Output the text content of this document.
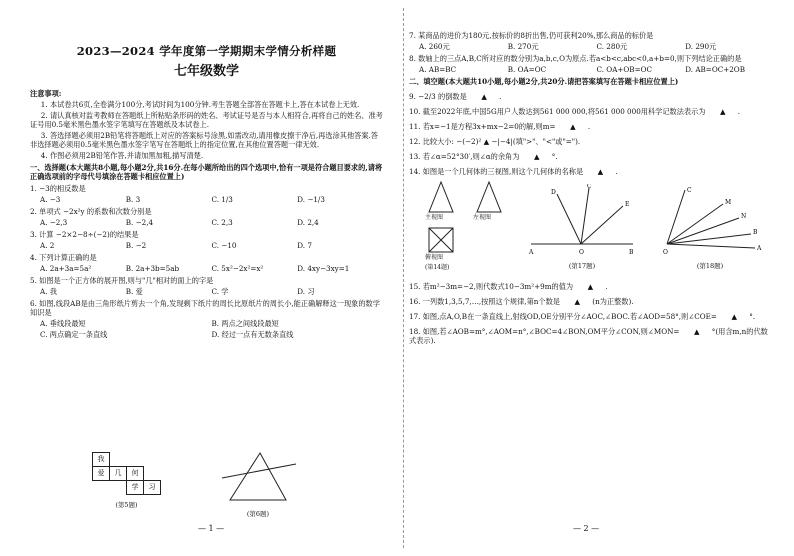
2023—2024 学年度第一学期期末学情分析样题
七年级数学
注意事项:
1. 本试卷共6页,全卷满分100分,考试时间为100分钟.考生答题全部答在答题卡上,答在本试卷上无效.
2. 请认真核对监考教师在答题纸上所粘贴条形码的姓名、考试证号是否与本人相符合,再将自己的姓名、准考证号用0.5毫米黑色墨水签字笔填写在答题纸及本试卷上.
3. 答选择题必须用2B铅笔将答题纸上对应的答案标号涂黑,如需改动,请用橡皮擦干净后,再选涂其他答案.答非选择题必须用0.5毫米黑色墨水签字笔写在答题纸上的指定位置,在其他位置答题一律无效.
4. 作图必须用2B铅笔作答,并请加黑加粗,描写清楚.
一、选择题(本大题共8小题,每小题2分,共16分.在每小题所给出的四个选项中,恰有一项是符合题目要求的,请将正确选项前的字母代号填涂在答题卡相应位置上)
1. −3的相反数是
A. −3	B. 3	C. 1/3	D. −1/3
2. 单项式 −2x²y 的系数和次数分别是
A. −2,3	B. −2,4	C. 2,3	D. 2,4
3. 计算 −2×2−8÷(−2)的结果是
A. 2	B. −2	C. −10	D. 7
4. 下列计算正确的是
A. 2a+3a=5a²	B. 2a+3b=5ab	C. 5x²−2x²=x²	D. 4xy−3xy=1
5. 如图是一个正方体的展开图,则与"几"相对的面上的字是
A. 我	B. 爱	C. 学	D. 习
6. 如图,线段AB是由三角形纸片剪去一个角,发现剩下纸片的周长比原纸片的周长小,能正确解释这一现象的数学知识是
A. 垂线段最短	B. 两点之间线段最短
C. 两点确定一条直线	D. 经过一点有无数条直线
我			
爱	几	何	
		学	习
(第5题)
(第6题)
— 1 —
7. 某商品的进价为180元,按标价的8折出售,仍可获利20%,那么商品的标价是
A. 260元	B. 270元	C. 280元	D. 290元
8. 数轴上的三点A,B,C所对应的数分别为a,b,c,O为原点.若a<b<c,abc<0,a+b=0,则下列结论正确的是
A. AB=BC	B. OA=OC	C. OA+OB=OC	D. AB=OC+2OB
二、填空题(本大题共10小题,每小题2分,共20分.请把答案填写在答题卡相应位置上)
9. −2/3 的倒数是 ▲ .
10. 截至2022年底,中国5G用户人数达到561 000 000,将561 000 000用科学记数法表示为 ▲ .
11. 若x=−1是方程3x+mx−2=0的解,则m= ▲ .
12. 比较大小: −(−2)² ▲ −|−4|(填">"、"<"或"=").
13. 若∠α=52°30′,则∠α的余角为 ▲ °.
14. 如图是一个几何体的三视图,则这个几何体的名称是 ▲ .
主视图	左视图
俯视图
(第14题)
A	O	B
D
C
E
(第17题)
O
C
M
N
B
A
(第18题)
15. 若m²−3m=−2,则代数式10−3m²+9m的值为 ▲ .
16. 一列数1,3,5,7,…,按照这个规律,第n个数是 ▲ (n为正整数).
17. 如图,点A,O,B在一条直线上,射线OD,OE分别平分∠AOC,∠BOC.若∠AOD=58°,则∠COE= ▲ °.
18. 如图,若∠AOB=m°,∠AOM=n°,∠BOC=4∠BON,OM平分∠CON,则∠MON= ▲ °(用含m,n的代数式表示).
— 2 —
